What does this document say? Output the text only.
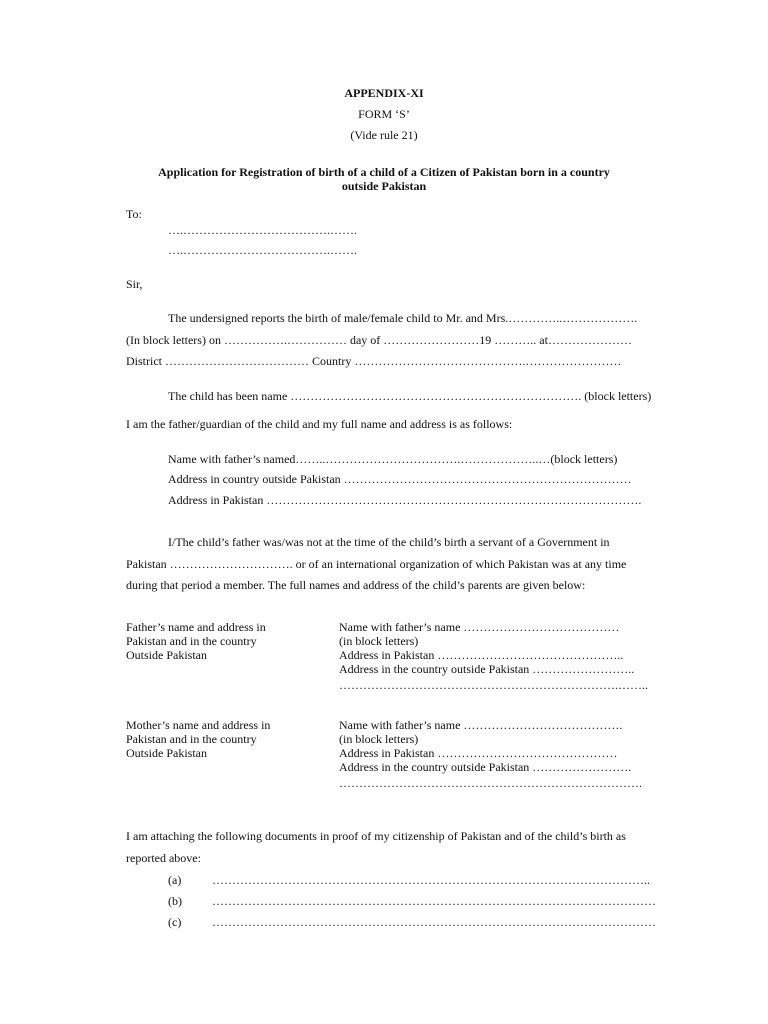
APPENDIX-XI
FORM ‘S’
(Vide rule 21)
Application for Registration of birth of a child of a Citizen of Pakistan born in a country
outside Pakistan
To:
….……………………………….…….
….……………………………….…….
Sir,
The undersigned reports the birth of male/female child to Mr. and Mrs.…………..……………….
(In block letters) on …………….…………… day of ……………………19 ……….. at…………………
District ……………………………… Country …………………………………….……………………
The child has been name ………………………………………………………………. (block letters)
I am the father/guardian of the child and my full name and address is as follows:
Name with father’s named……..…………………………….………………..…(block letters)
Address in country outside Pakistan ………………………………………………………………
Address in Pakistan ………………………………………………………………………………….
I/The child’s father was/was not at the time of the child’s birth a servant of a Government in
Pakistan …………………………. or of an international organization of which Pakistan was at any time
during that period a member. The full names and address of the child’s parents are given below:
Father’s name and address in
Pakistan and in the country
Outside Pakistan
Name with father’s name …………………………………
(in block letters)
Address in Pakistan ………………………………………..
Address in the country outside Pakistan ……………………..
…………………………………………………………….……..
Mother’s name and address in
Pakistan and in the country
Outside Pakistan
Name with father’s name ………………………………….
(in block letters)
Address in Pakistan ………………………………………
Address in the country outside Pakistan …………………….
………………………………………………………………….
I am attaching the following documents in proof of my citizenship of Pakistan and of the child’s birth as
reported above:
(a)	………………………………………………………………………………………………..
(b)	…………………………………………………………………………………………………
(c)	…………………………………………………………………………………………………
